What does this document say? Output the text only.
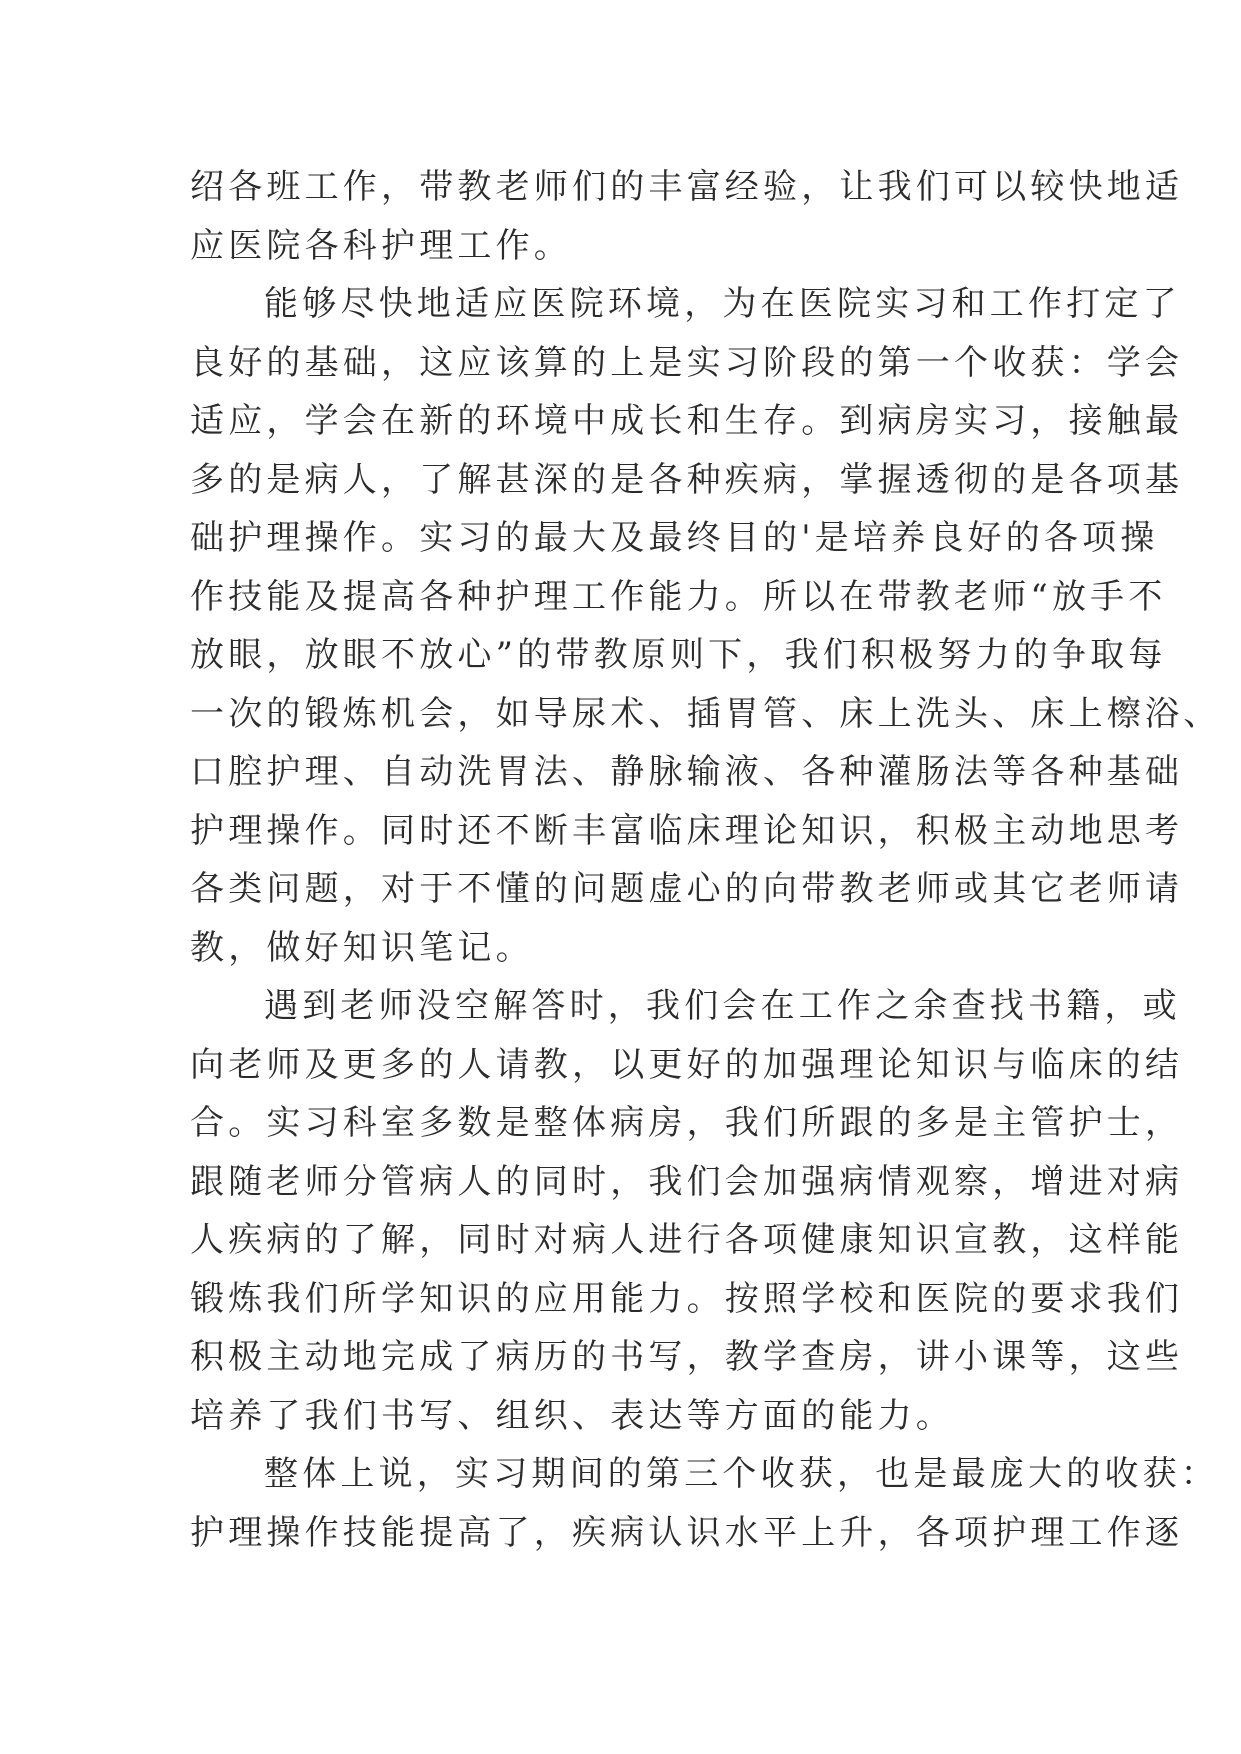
绍各班工作，带教老师们的丰富经验，让我们可以较快地适
应医院各科护理工作。
能够尽快地适应医院环境，为在医院实习和工作打定了
良好的基础，这应该算的上是实习阶段的第一个收获：学会
适应，学会在新的环境中成长和生存。到病房实习，接触最
多的是病人，了解甚深的是各种疾病，掌握透彻的是各项基
础护理操作。实习的最大及最终目的'是培养良好的各项操
作技能及提高各种护理工作能力。所以在带教老师“放手不
放眼，放眼不放心”的带教原则下，我们积极努力的争取每
一次的锻炼机会，如导尿术、插胃管、床上洗头、床上檫浴、
口腔护理、自动洗胃法、静脉输液、各种灌肠法等各种基础
护理操作。同时还不断丰富临床理论知识，积极主动地思考
各类问题，对于不懂的问题虚心的向带教老师或其它老师请
教，做好知识笔记。
遇到老师没空解答时，我们会在工作之余查找书籍，或
向老师及更多的人请教，以更好的加强理论知识与临床的结
合。实习科室多数是整体病房，我们所跟的多是主管护士，
跟随老师分管病人的同时，我们会加强病情观察，增进对病
人疾病的了解，同时对病人进行各项健康知识宣教，这样能
锻炼我们所学知识的应用能力。按照学校和医院的要求我们
积极主动地完成了病历的书写，教学查房，讲小课等，这些
培养了我们书写、组织、表达等方面的能力。
整体上说，实习期间的第三个收获，也是最庞大的收获：
护理操作技能提高了，疾病认识水平上升，各项护理工作逐
